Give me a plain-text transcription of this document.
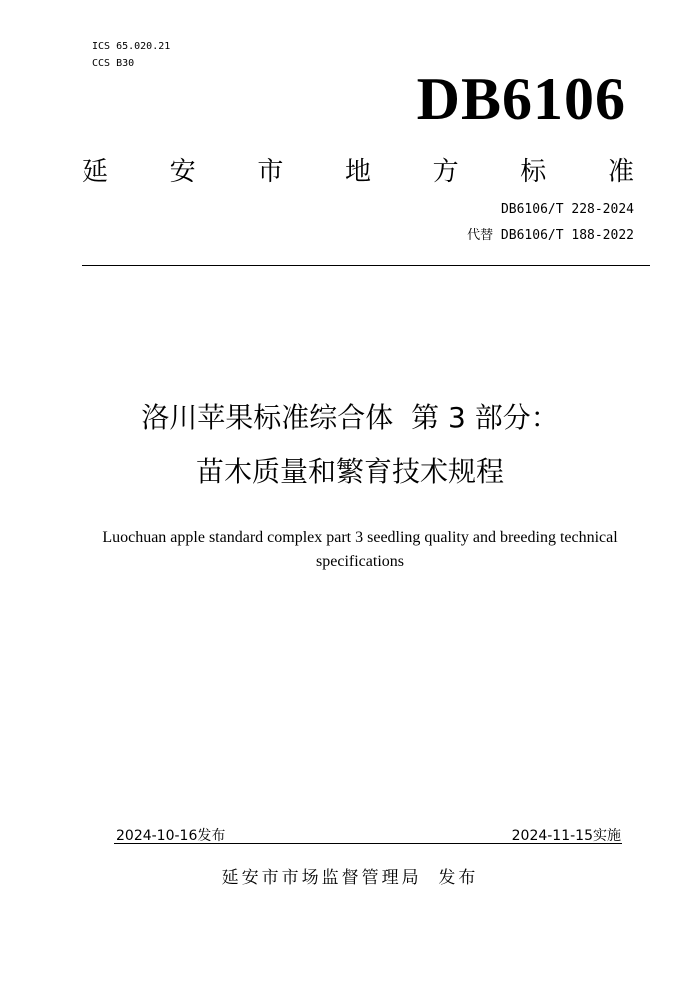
ICS 65.020.21
CCS B30
DB6106
延 安 市 地 方 标 准
DB6106/T 228-2024
代替 DB6106/T 188-2022
洛川苹果标准综合体  第 3 部分：
苗木质量和繁育技术规程
Luochuan apple standard complex part 3 seedling quality and breeding technical specifications
2024-10-16发布	2024-11-15实施
延安市市场监督管理局  发布
